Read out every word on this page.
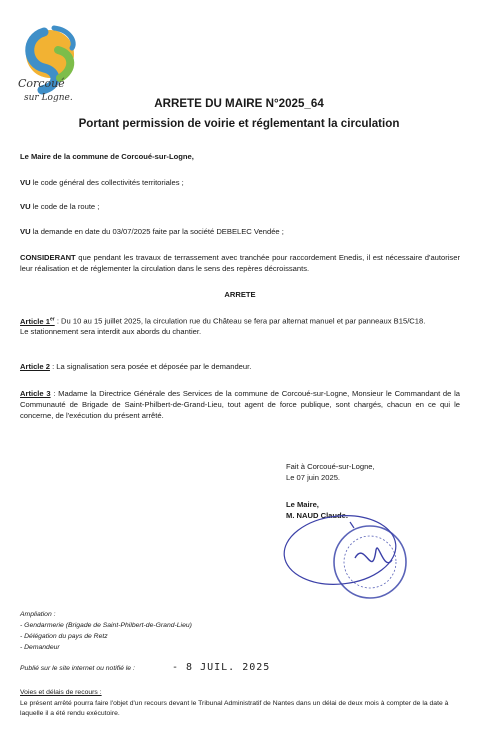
Corcoué
sur Logne.	ARRETE DU MAIRE N°2025_64
Portant permission de voirie et réglementant la circulation
Le Maire de la commune de Corcoué-sur-Logne,
VU le code général des collectivités territoriales ;
VU le code de la route ;
VU la demande en date du 03/07/2025 faite par la société DEBELEC Vendée ;
CONSIDERANT que pendant les travaux de terrassement avec tranchée pour raccordement Enedis, il est nécessaire d'autoriser leur réalisation et de réglementer la circulation dans le sens des repères décroissants.
ARRETE
Article 1er : Du 10 au 15 juillet 2025, la circulation rue du Château se fera par alternat manuel et par panneaux B15/C18.
Le stationnement sera interdit aux abords du chantier.
Article 2 : La signalisation sera posée et déposée par le demandeur.
Article 3 : Madame la Directrice Générale des Services de la commune de Corcoué-sur-Logne, Monsieur le Commandant de la Communauté de Brigade de Saint-Philbert-de-Grand-Lieu, tout agent de force publique, sont chargés, chacun en ce qui le concerne, de l'exécution du présent arrêté.
Fait à Corcoué-sur-Logne,
Le 07 juin 2025.
Le Maire,
M. NAUD Claude.
Ampliation :
- Gendarmerie (Brigade de Saint-Philbert-de-Grand-Lieu)
- Délégation du pays de Retz
- Demandeur
Publié sur le site internet ou notifié le :	- 8 JUIL. 2025
Voies et délais de recours :
Le présent arrêté pourra faire l'objet d'un recours devant le Tribunal Administratif de Nantes dans un délai de deux mois à compter de la date à laquelle il a été rendu exécutoire.
